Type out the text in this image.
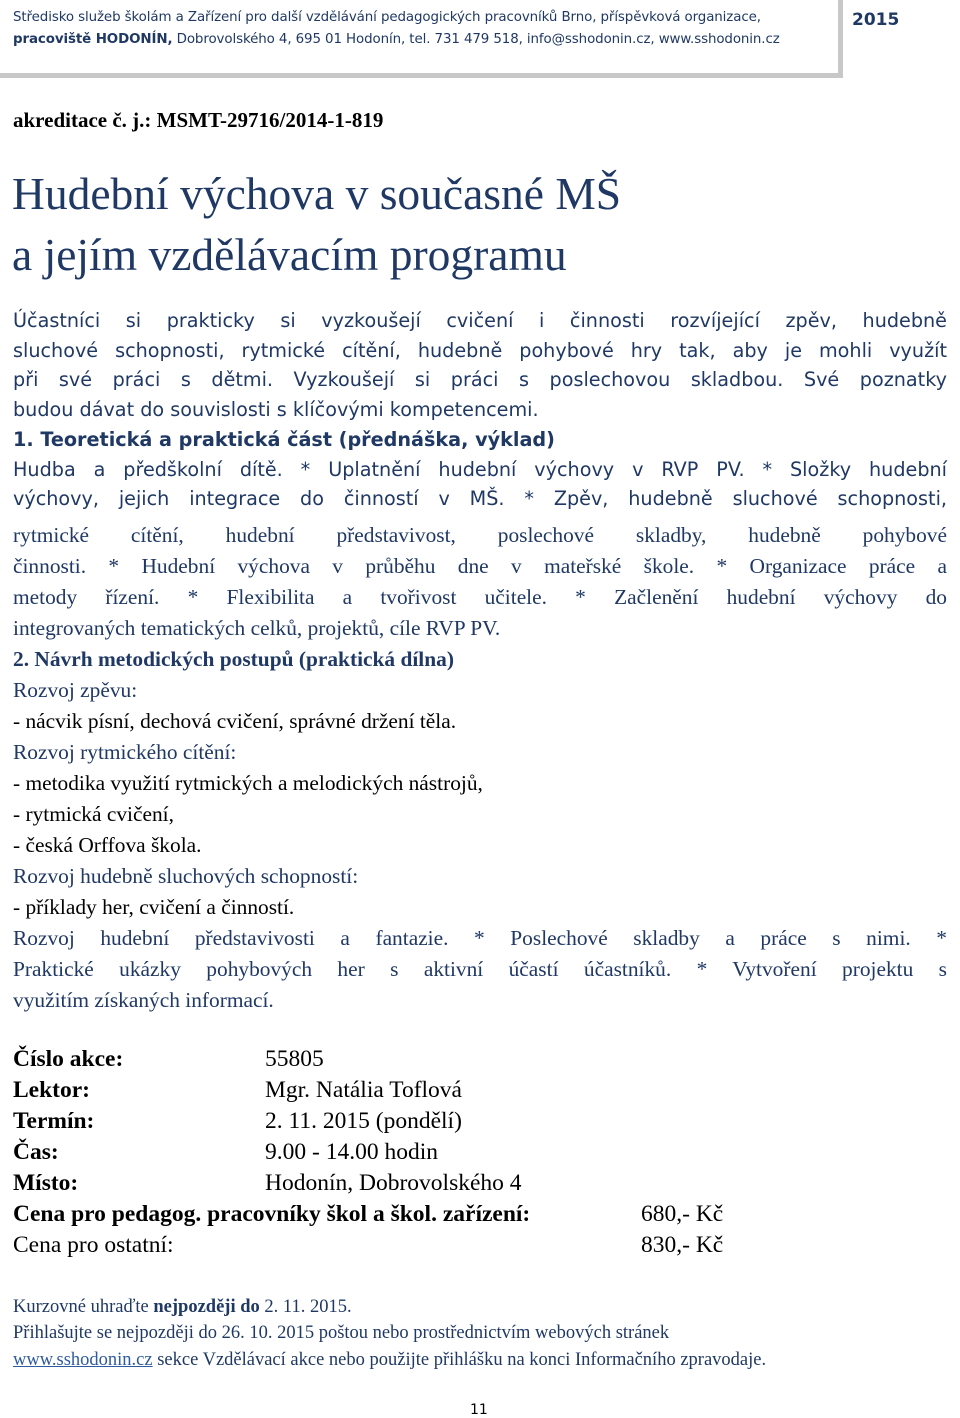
Středisko služeb školám a Zařízení pro další vzdělávání pedagogických pracovníků Brno, příspěvková organizace,
pracoviště HODONÍN, Dobrovolského 4, 695 01 Hodonín, tel. 731 479 518, info@sshodonin.cz, www.sshodonin.cz
2015
akreditace č. j.: MSMT-29716/2014-1-819
Hudební výchova v současné MŠ
a jejím vzdělávacím programu
Účastníci si prakticky si vyzkoušejí cvičení i činnosti rozvíjející zpěv, hudebně
sluchové schopnosti, rytmické cítění, hudebně pohybové hry tak, aby je mohli využít
při své práci s dětmi. Vyzkoušejí si práci s poslechovou skladbou. Své poznatky
budou dávat do souvislosti s klíčovými kompetencemi.
1. Teoretická a praktická část (přednáška, výklad)
Hudba a předškolní dítě. * Uplatnění hudební výchovy v RVP PV. * Složky hudební
výchovy, jejich integrace do činností v MŠ. * Zpěv, hudebně sluchové schopnosti,
rytmické cítění, hudební představivost, poslechové skladby, hudebně pohybové
činnosti. * Hudební výchova v průběhu dne v mateřské škole. * Organizace práce a
metody řízení. * Flexibilita a tvořivost učitele. * Začlenění hudební výchovy do
integrovaných tematických celků, projektů, cíle RVP PV.
2. Návrh metodických postupů (praktická dílna)
Rozvoj zpěvu:
- nácvik písní, dechová cvičení, správné držení těla.
Rozvoj rytmického cítění:
- metodika využití rytmických a melodických nástrojů,
- rytmická cvičení,
- česká Orffova škola.
Rozvoj hudebně sluchových schopností:
- příklady her, cvičení a činností.
Rozvoj hudební představivosti a fantazie. * Poslechové skladby a práce s nimi. *
Praktické ukázky pohybových her s aktivní účastí účastníků. * Vytvoření projektu s
využitím získaných informací.
Číslo akce:	55805
Lektor:	Mgr. Natália Toflová
Termín:	2. 11. 2015 (pondělí)
Čas:	9.00 - 14.00 hodin
Místo:	Hodonín, Dobrovolského 4
Cena pro pedagog. pracovníky škol a škol. zařízení:	680,- Kč
Cena pro ostatní:	830,- Kč
Kurzovné uhraďte nejpozději do 2. 11. 2015.
Přihlašujte se nejpozději do 26. 10. 2015 poštou nebo prostřednictvím webových stránek
www.sshodonin.cz sekce Vzdělávací akce nebo použijte přihlášku na konci Informačního zpravodaje.
11
